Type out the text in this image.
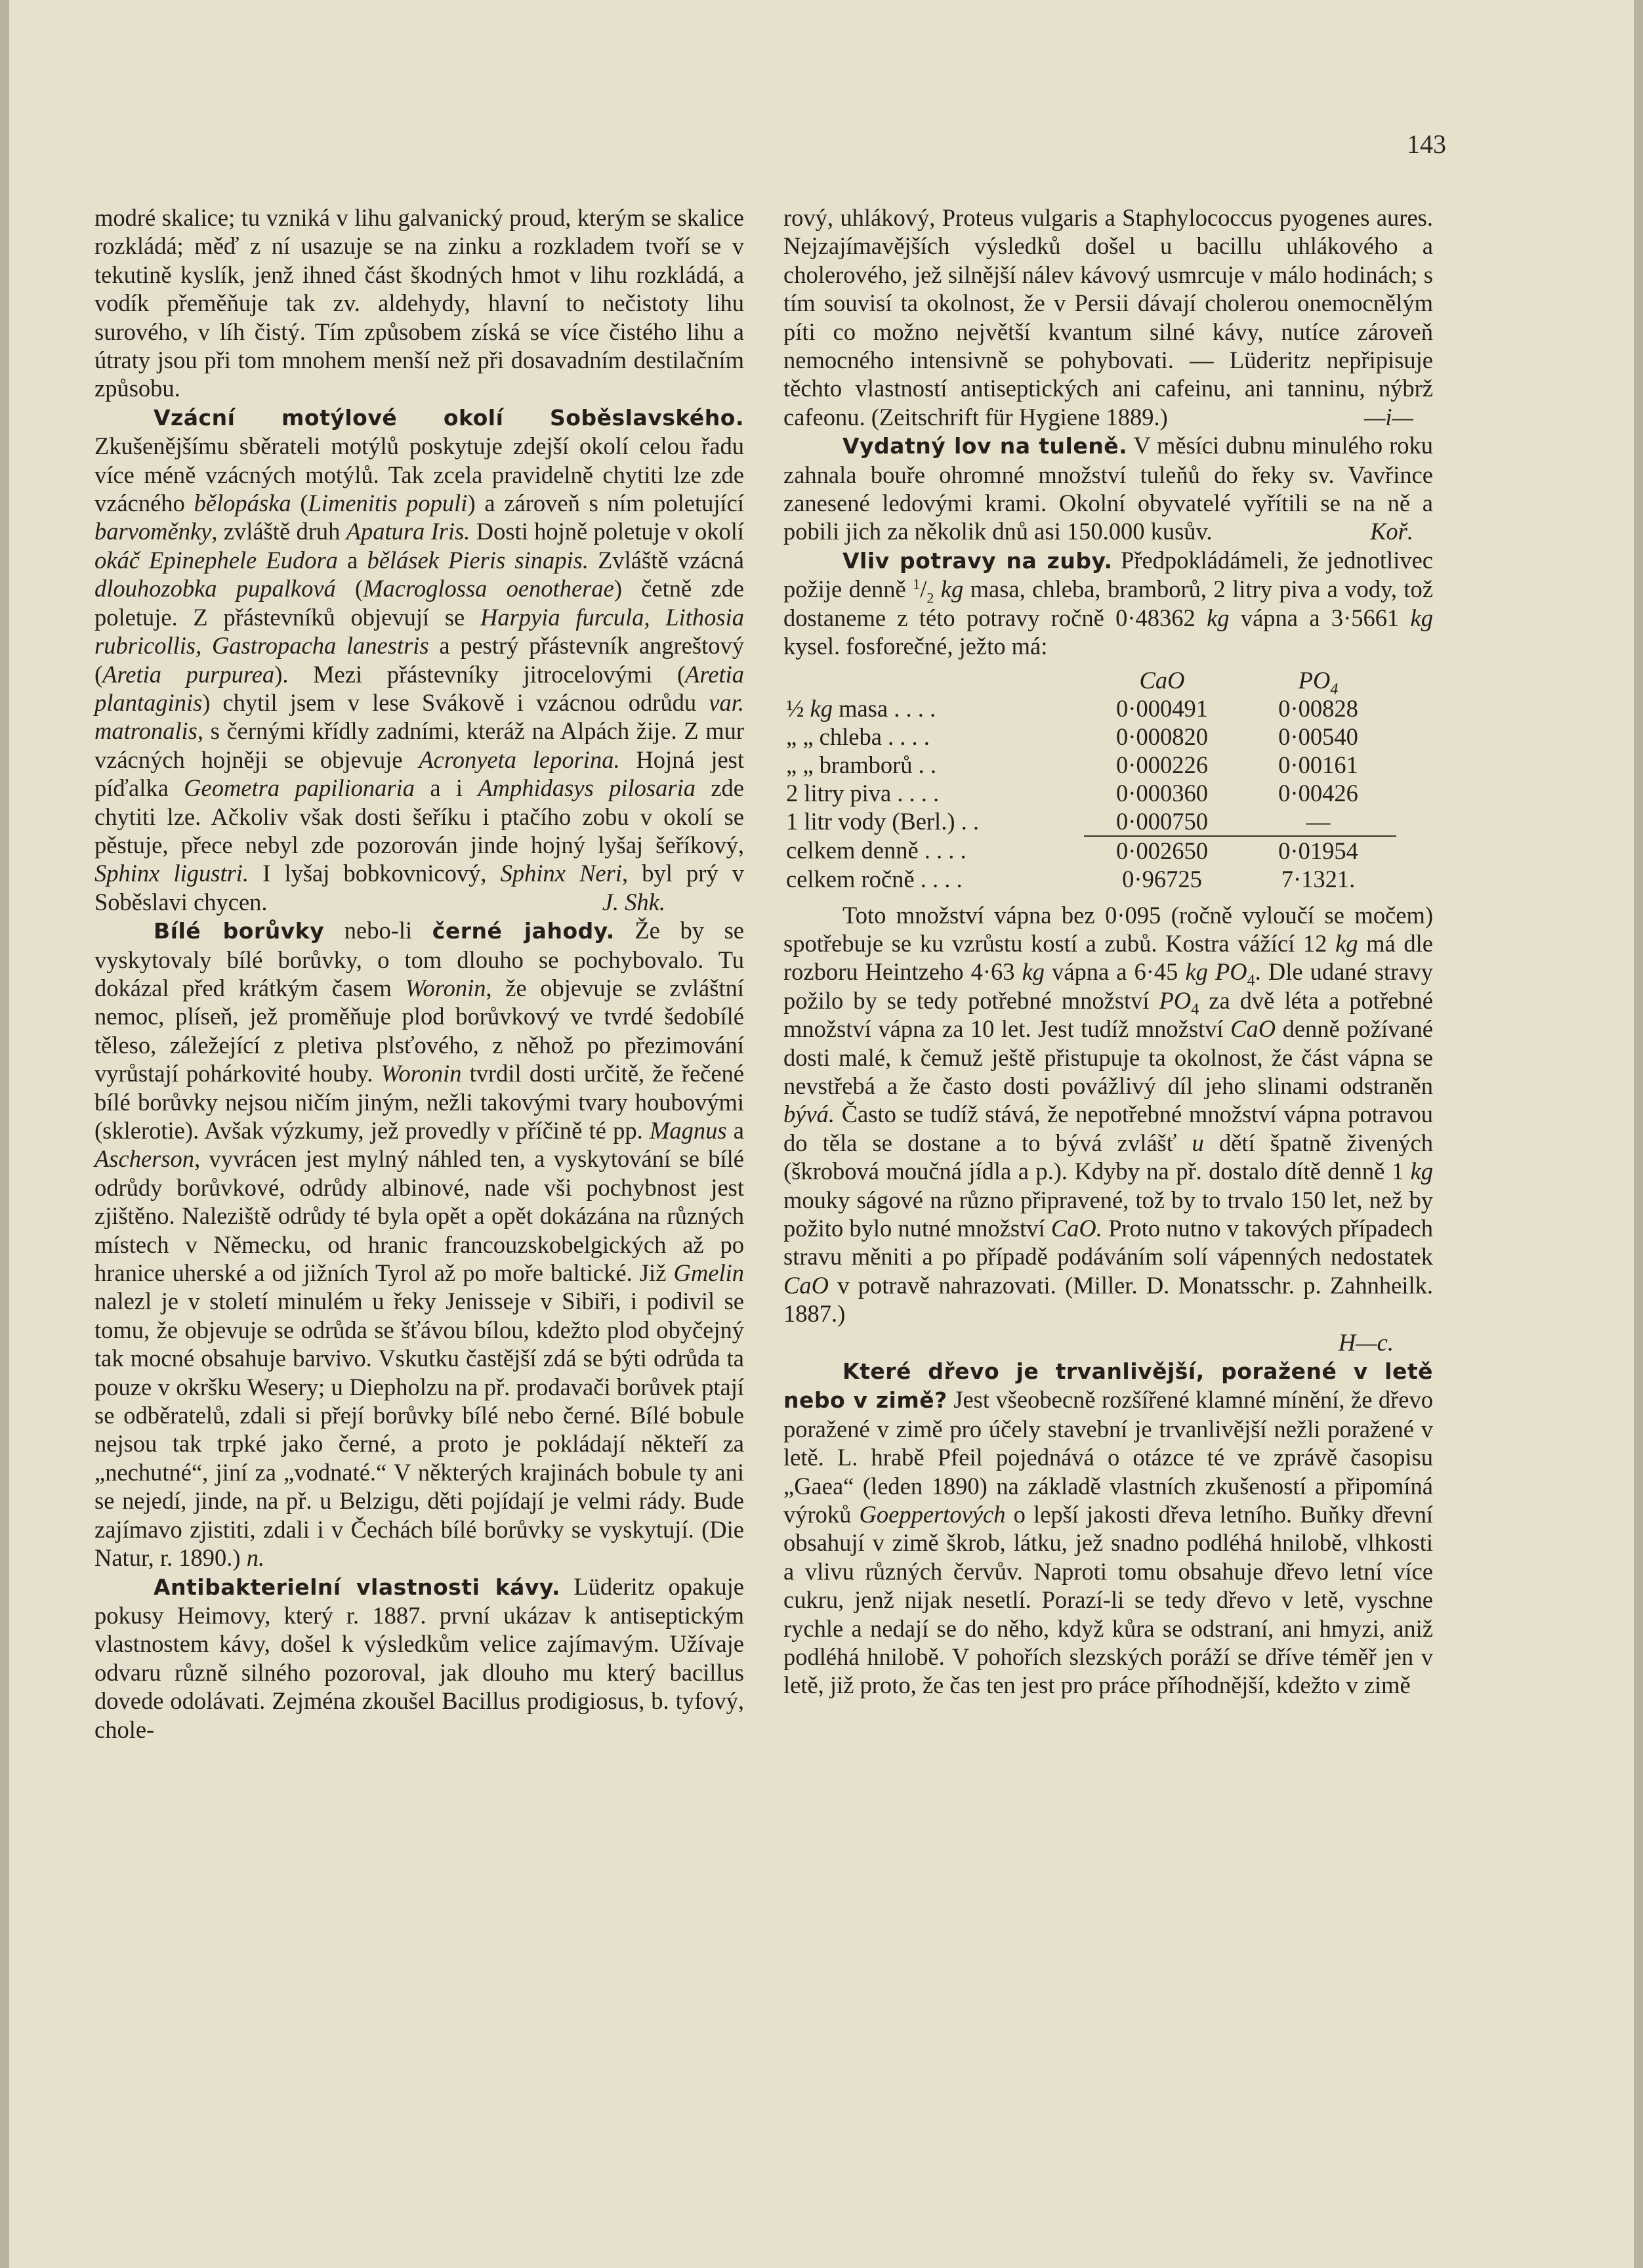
143

modré skalice; tu vzniká v lihu galvanický proud, kterým se skalice rozkládá; měď z ní usazuje se na zinku a rozkladem tvoří se v tekutině kyslík, jenž ihned část škodných hmot v lihu rozkládá, a vodík přeměňuje tak zv. aldehydy, hlavní to nečistoty lihu surového, v líh čistý. Tím způsobem získá se více čistého lihu a útraty jsou při tom mnohem menší než při dosavadním destilačním způsobu.

Vzácní motýlové okolí Soběslavského. Zkušenějšímu sběrateli motýlů poskytuje zdejší okolí celou řadu více méně vzácných motýlů. Tak zcela pravidelně chytiti lze zde vzácného bělopáska (Limenitis populi) a zároveň s ním poletující barvoměnky, zvláště druh Apatura Iris. Dosti hojně poletuje v okolí okáč Epinephele Eudora a bělásek Pieris sinapis. Zvláště vzácná dlouhozobka pupalková (Macroglossa oenotherae) četně zde poletuje. Z přástevníků objevují se Harpyia furcula, Lithosia rubricollis, Gastropacha lanestris a pestrý přástevník angreštový (Aretia purpurea). Mezi přástevníky jitrocelovými (Aretia plantaginis) chytil jsem v lese Svákově i vzácnou odrůdu var. matronalis, s černými křídly zadními, kteráž na Alpách žije. Z mur vzácných hojněji se objevuje Acronyeta leporina. Hojná jest píďalka Geometra papilionaria a i Amphidasys pilosaria zde chytiti lze. Ačkoliv však dosti šeříku i ptačího zobu v okolí se pěstuje, přece nebyl zde pozorován jinde hojný lyšaj šeříkový, Sphinx ligustri. I lyšaj bobkovnicový, Sphinx Neri, byl prý v Soběslavi chycen.	J. Shk.

Bílé borůvky nebo-li černé jahody. Že by se vyskytovaly bílé borůvky, o tom dlouho se pochybovalo. Tu dokázal před krátkým časem Woronin, že objevuje se zvláštní nemoc, plíseň, jež proměňuje plod borůvkový ve tvrdé šedobílé těleso, záležející z pletiva plsťového, z něhož po přezimování vyrůstají pohárkovité houby. Woronin tvrdil dosti určitě, že řečené bílé borůvky nejsou ničím jiným, nežli takovými tvary houbovými (sklerotie). Avšak výzkumy, jež provedly v příčině té pp. Magnus a Ascherson, vyvrácen jest mylný náhled ten, a vyskytování se bílé odrůdy borůvkové, odrůdy albinové, nade vši pochybnost jest zjištěno. Naleziště odrůdy té byla opět a opět dokázána na různých místech v Německu, od hranic francouzskobelgických až po hranice uherské a od jižních Tyrol až po moře baltické. Již Gmelin nalezl je v století minulém u řeky Jenisseje v Sibiři, i podivil se tomu, že objevuje se odrůda se šťávou bílou, kdežto plod obyčejný tak mocné obsahuje barvivo. Vskutku častější zdá se býti odrůda ta pouze v okršku Wesery; u Diepholzu na př. prodavači borůvek ptají se odběratelů, zdali si přejí borůvky bílé nebo černé. Bílé bobule nejsou tak trpké jako černé, a proto je pokládají někteří za „nechutné“, jiní za „vodnaté.“ V některých krajinách bobule ty ani se nejedí, jinde, na př. u Belzigu, děti pojídají je velmi rády. Bude zajímavo zjistiti, zdali i v Čechách bílé borůvky se vyskytují. (Die Natur, r. 1890.) n.

Antibakterielní vlastnosti kávy. Lüderitz opakuje pokusy Heimovy, který r. 1887. první ukázav k antiseptickým vlastnostem kávy, došel k výsledkům velice zajímavým. Užívaje odvaru různě silného pozoroval, jak dlouho mu který bacillus dovede odolávati. Zejména zkoušel Bacillus prodigiosus, b. tyfový, chole-

rový, uhlákový, Proteus vulgaris a Staphylococcus pyogenes aures. Nejzajímavějších výsledků došel u bacillu uhlákového a cholerového, jež silnější nálev kávový usmrcuje v málo hodinách; s tím souvisí ta okolnost, že v Persii dávají cholerou onemocnělým píti co možno největší kvantum silné kávy, nutíce zároveň nemocného intensivně se pohybovati. — Lüderitz nepřipisuje těchto vlastností antiseptických ani cafeinu, ani tanninu, nýbrž cafeonu. (Zeitschrift für Hygiene 1889.)	—i—

Vydatný lov na tuleně. V měsíci dubnu minulého roku zahnala bouře ohromné množství tuleňů do řeky sv. Vavřince zanesené ledovými krami. Okolní obyvatelé vyřítili se na ně a pobili jich za několik dnů asi 150.000 kusův.	Koř.

Vliv potravy na zuby. Předpokládámeli, že jednotlivec požije denně $^1/_2$ kg masa, chleba, bramborů, 2 litry piva a vody, tož dostaneme z této potravy ročně 0·48362 kg vápna a 3·5661 kg kysel. fosforečné, ježto má:

	CaO	$PO_4$
½ kg masa . . . .	0·000491	0·00828
„ „ chleba . . . .	0·000820	0·00540
„ „ bramborů . .	0·000226	0·00161
2 litry piva . . . .	0·000360	0·00426
1 litr vody (Berl.) . .	0·000750	—
celkem denně . . . .	0·002650	0·01954
celkem ročně . . . .	0·96725	7·1321.

Toto množství vápna bez 0·095 (ročně vyloučí se močem) spotřebuje se ku vzrůstu kostí a zubů. Kostra vážící 12 kg má dle rozboru Heintzeho 4·63 kg vápna a 6·45 kg $PO_4$. Dle udané stravy požilo by se tedy potřebné množství $PO_4$ za dvě léta a potřebné množství vápna za 10 let. Jest tudíž množství CaO denně požívané dosti malé, k čemuž ještě přistupuje ta okolnost, že část vápna se nevstřebá a že často dosti povážlivý díl jeho slinami odstraněn bývá. Často se tudíž stává, že nepotřebné množství vápna potravou do těla se dostane a to bývá zvlášť u dětí špatně živených (škrobová moučná jídla a p.). Kdyby na př. dostalo dítě denně 1 kg mouky ságové na různo připravené, tož by to trvalo 150 let, než by požito bylo nutné množství CaO. Proto nutno v takových případech stravu měniti a po případě podáváním solí vápenných nedostatek CaO v potravě nahrazovati. (Miller. D. Monatsschr. p. Zahnheilk. 1887.)

H—c.

Které dřevo je trvanlivější, poražené v letě nebo v zimě? Jest všeobecně rozšířené klamné mínění, že dřevo poražené v zimě pro účely stavební je trvanlivější nežli poražené v letě. L. hrabě Pfeil pojednává o otázce té ve zprávě časopisu „Gaea“ (leden 1890) na základě vlastních zkušeností a připomíná výroků Goeppertových o lepší jakosti dřeva letního. Buňky dřevní obsahují v zimě škrob, látku, jež snadno podléhá hnilobě, vlhkosti a vlivu různých červův. Naproti tomu obsahuje dřevo letní více cukru, jenž nijak nesetlí. Porazí-li se tedy dřevo v letě, vyschne rychle a nedají se do něho, když kůra se odstraní, ani hmyzi, aniž podléhá hnilobě. V pohořích slezských poráží se dříve téměř jen v letě, již proto, že čas ten jest pro práce příhodnější, kdežto v zimě
